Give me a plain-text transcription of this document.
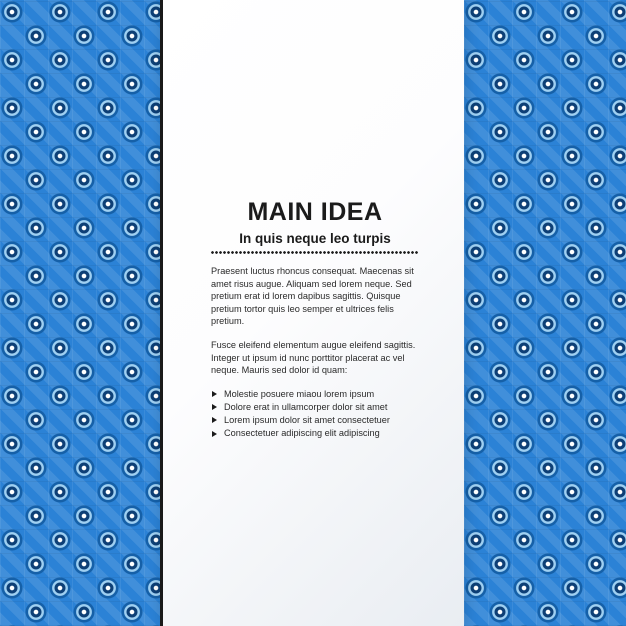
MAIN IDEA
In quis neque leo turpis

Praesent luctus rhoncus consequat. Maecenas sit amet risus augue. Aliquam sed lorem neque. Sed pretium erat id lorem dapibus sagittis. Quisque pretium tortor quis leo semper et ultrices felis pretium.

Fusce eleifend elementum augue eleifend sagittis. Integer ut ipsum id nunc porttitor placerat ac vel neque. Mauris sed dolor id quam:

Molestie posuere miaou lorem ipsum
Dolore erat in ullamcorper dolor sit amet
Lorem ipsum dolor sit amet consectetuer
Consectetuer adipiscing elit adipiscing
